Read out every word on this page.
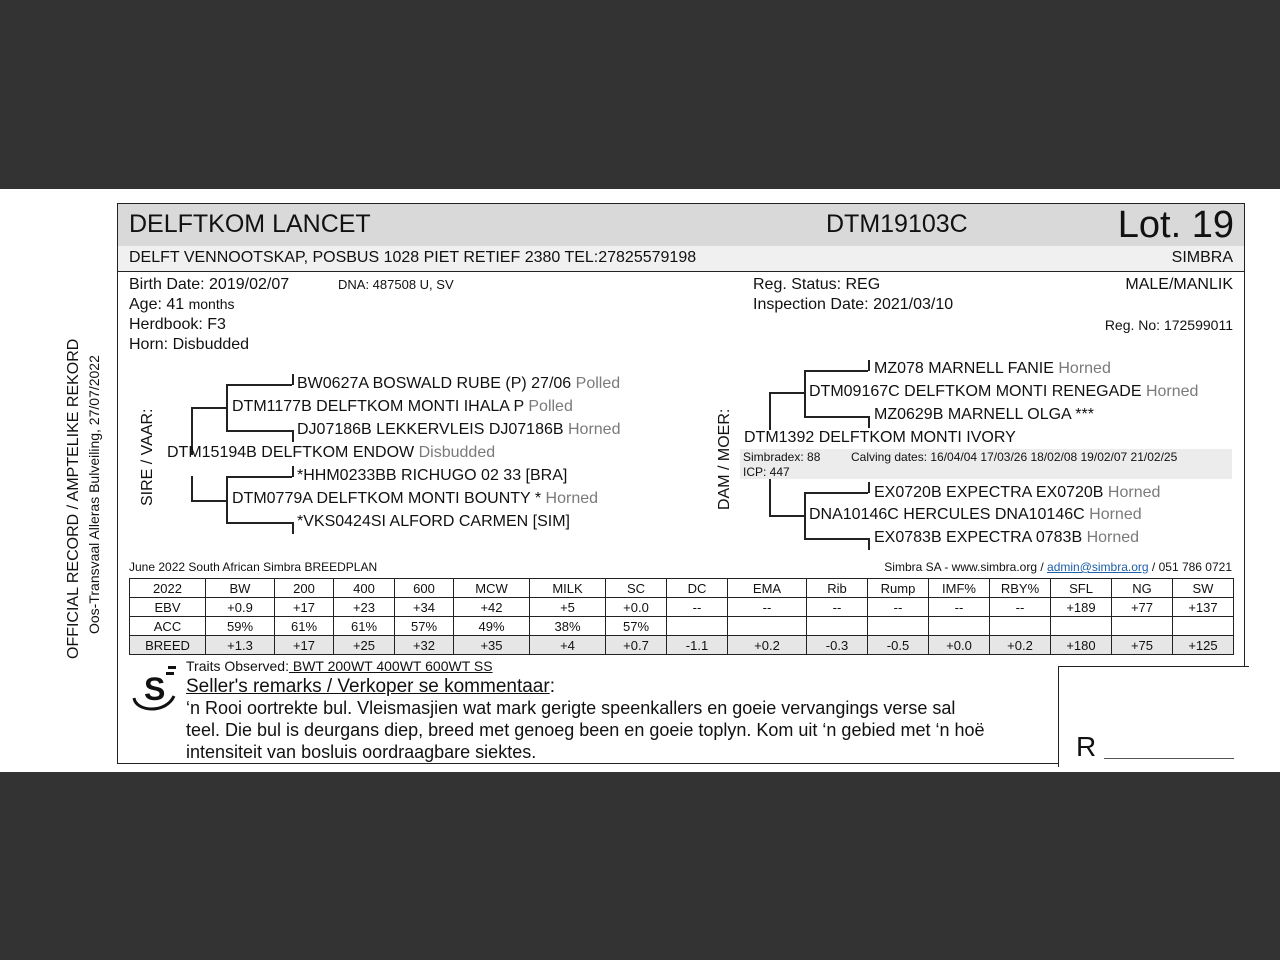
OFFICIAL RECORD / AMPTELIKE REKORD Oos-Transvaal Alleras Bulveiling, 27/07/2022
DELFTKOM LANCET	DTM19103C	Lot. 19
DELFT VENNOOTSKAP, POSBUS 1028 PIET RETIEF 2380 TEL:27825579198	SIMBRA
Birth Date: 2019/02/07	DNA: 487508 U, SV
Age: 41 months
Herdbook: F3
Horn: Disbudded
Reg. Status: REG
Inspection Date: 2021/03/10
MALE/MANLIK
Reg. No: 172599011
SIRE / VAAR:
BW0627A BOSWALD RUBE (P) 27/06 Polled
DTM1177B DELFTKOM MONTI IHALA P Polled
DJ07186B LEKKERVLEIS DJ07186B Horned
DTM15194B DELFTKOM ENDOW Disbudded
*HHM0233BB RICHUGO 02 33 [BRA]
DTM0779A DELFTKOM MONTI BOUNTY * Horned
*VKS0424SI ALFORD CARMEN [SIM]
DAM / MOER:
MZ078 MARNELL FANIE Horned
DTM09167C DELFTKOM MONTI RENEGADE Horned
MZ0629B MARNELL OLGA ***
DTM1392 DELFTKOM MONTI IVORY
Simbradex: 88	Calving dates: 16/04/04 17/03/26 18/02/08 19/02/07 21/02/25
ICP: 447
EX0720B EXPECTRA EX0720B Horned
DNA10146C HERCULES DNA10146C Horned
EX0783B EXPECTRA 0783B Horned
June 2022 South African Simbra BREEDPLAN	Simbra SA - www.simbra.org / admin@simbra.org / 051 786 0721
2022	BW	200	400	600	MCW	MILK	SC	DC	EMA	Rib	Rump	IMF%	RBY%	SFL	NG	SW
EBV	+0.9	+17	+23	+34	+42	+5	+0.0	--	--	--	--	--	--	+189	+77	+137
ACC	59%	61%	61%	57%	49%	38%	57%									
BREED	+1.3	+17	+25	+32	+35	+4	+0.7	-1.1	+0.2	-0.3	-0.5	+0.0	+0.2	+180	+75	+125
S
Traits Observed: BWT 200WT 400WT 600WT SS
Seller's remarks / Verkoper se kommentaar:
‘n Rooi oortrekte bul. Vleismasjien wat mark gerigte speenkallers en goeie vervangings verse sal
teel. Die bul is deurgans diep, breed met genoeg been en goeie toplyn. Kom uit ‘n gebied met ‘n hoë
intensiteit van bosluis oordraagbare siektes.	R
